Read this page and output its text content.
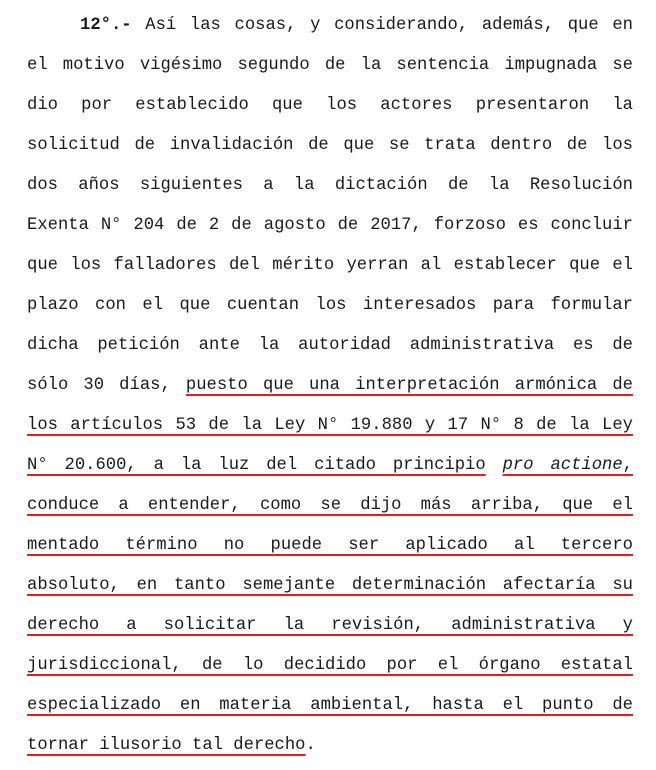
12°.- Así las cosas, y considerando, además, que en
el motivo vigésimo segundo de la sentencia impugnada se
dio por establecido que los actores presentaron la
solicitud de invalidación de que se trata dentro de los
dos años siguientes a la dictación de la Resolución
Exenta N° 204 de 2 de agosto de 2017, forzoso es concluir
que los falladores del mérito yerran al establecer que el
plazo con el que cuentan los interesados para formular
dicha petición ante la autoridad administrativa es de
sólo 30 días, puesto que una interpretación armónica de
los artículos 53 de la Ley N° 19.880 y 17 N° 8 de la Ley
N° 20.600, a la luz del citado principio pro actione,
conduce a entender, como se dijo más arriba, que el
mentado término no puede ser aplicado al tercero
absoluto, en tanto semejante determinación afectaría su
derecho a solicitar la revisión, administrativa y
jurisdiccional, de lo decidido por el órgano estatal
especializado en materia ambiental, hasta el punto de
tornar ilusorio tal derecho.
